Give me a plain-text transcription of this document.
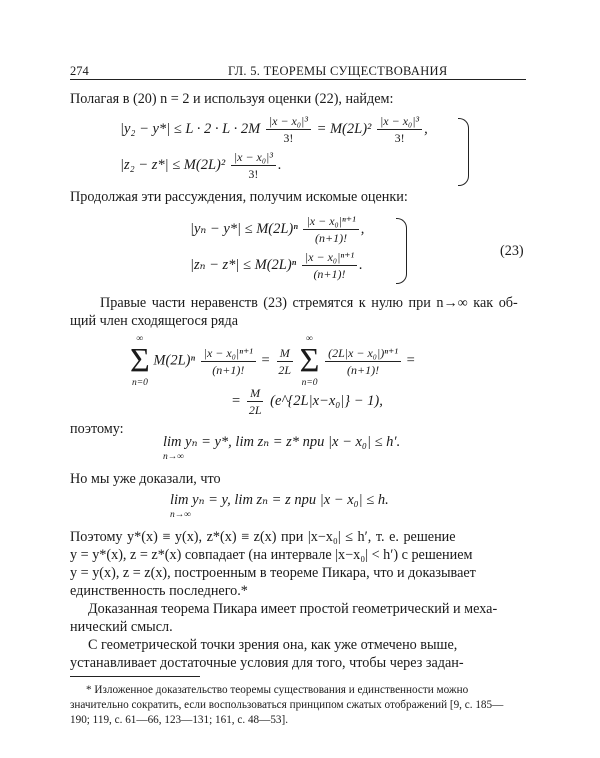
274	ГЛ. 5. ТЕОРЕМЫ СУЩЕСТВОВАНИЯ
Полагая в (20) n = 2 и используя оценки (22), найдем:
$|y_2 - y*| \le L \cdot 2 \cdot L \cdot 2M \frac{\text{|x − x₀|³}}{3!} = M(2L)^2 \frac{\text{|x − x₀|³}}{3!}$ ,
$|z_2 - z*| \le M(2L)^2 \frac{\text{|x − x₀|³}}{3!}$ .
Продолжая эти рассуждения, получим искомые оценки:
$|y_n - y*| \le M(2L)^n \frac{\text{|x − x₀|ⁿ⁺¹}}{(n+1)!}$ ,
$|z_n - z*| \le M(2L)^n \frac{\text{|x − x₀|ⁿ⁺¹}}{(n+1)!}$ .
(23)
Правые части неравенств (23) стремятся к нулю при n→∞ как об-
щий член сходящегося ряда
∞
Σ
n=0
$M(2L)^n \frac{\text{|x − x₀|ⁿ⁺¹}}{(n+1)!} = \frac{M}{2L}$

∞
Σ
n=0

$\frac{\text{(2L|x − x₀|)ⁿ⁺¹}}{(n+1)!}$ =
= $\frac{M}{2L}$ (e^{2L|x−x₀|} − 1),
поэтому:
lim yₙ = y*, lim zₙ = z* при |x − x₀| ≤ h′.
n→∞
Но мы уже доказали, что
lim yₙ = y, lim zₙ = z при |x − x₀| ≤ h.
n→∞
Поэтому y*(x) ≡ y(x), z*(x) ≡ z(x) при |x−x₀| ≤ h′, т. е. решение
y = y*(x), z = z*(x) совпадает (на интервале |x−x₀| < h′) с решением
y = y(x), z = z(x), построенным в теореме Пикара, что и доказывает
единственность последнего.*
Доказанная теорема Пикара имеет простой геометрический и меха-
нический смысл.
С геометрической точки зрения она, как уже отмечено выше,
устанавливает достаточные условия для того, чтобы через задан-
* Изложенное доказательство теоремы существования и единственности можно
значительно сократить, если воспользоваться принципом сжатых отображений [9, с. 185—
190; 119, с. 61—66, 123—131; 161, с. 48—53].
